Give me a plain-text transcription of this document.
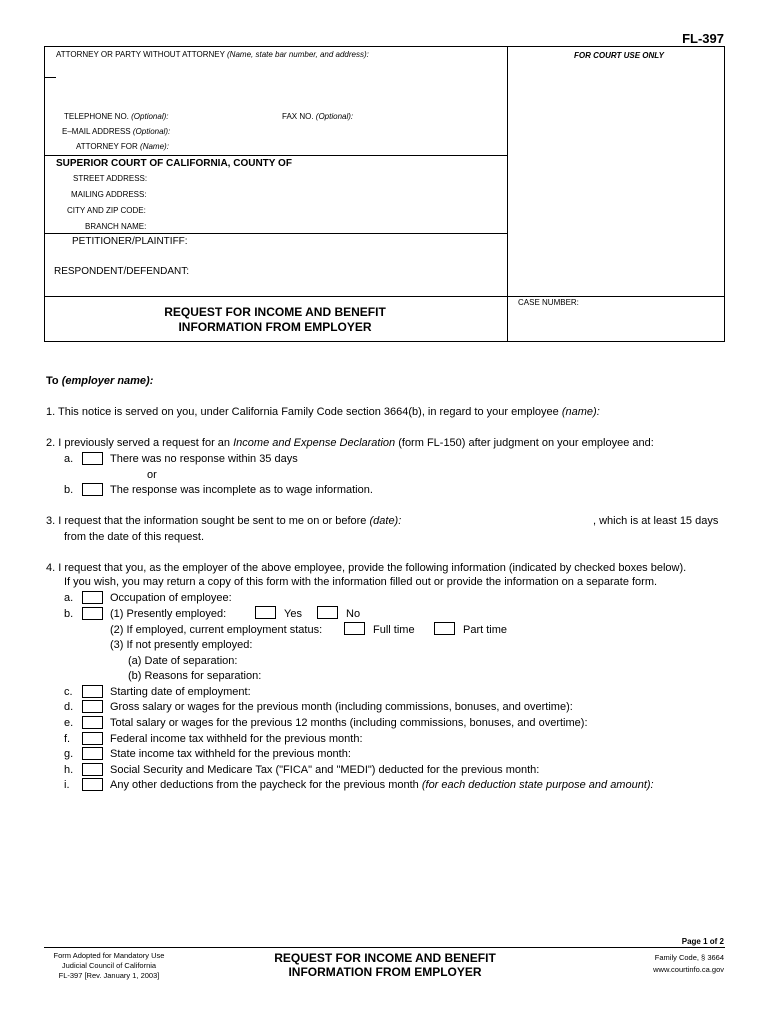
FL-397
ATTORNEY OR PARTY WITHOUT ATTORNEY (Name, state bar number, and address):	FOR COURT USE ONLY
TELEPHONE NO. (Optional):	FAX NO. (Optional):
E–MAIL ADDRESS (Optional):
ATTORNEY FOR (Name):
SUPERIOR COURT OF CALIFORNIA, COUNTY OF
STREET ADDRESS:
MAILING ADDRESS:
CITY AND ZIP CODE:
BRANCH NAME:
PETITIONER/PLAINTIFF:
RESPONDENT/DEFENDANT:
REQUEST FOR INCOME AND BENEFIT
INFORMATION FROM EMPLOYER
CASE NUMBER:
To (employer name):
1. This notice is served on you, under California Family Code section 3664(b), in regard to your employee (name):
2. I previously served a request for an Income and Expense Declaration (form FL-150) after judgment on your employee and:
a.	There was no response within 35 days
or
b.	The response was incomplete as to wage information.
3. I request that the information sought be sent to me on or before (date):	, which is at least 15 days
from the date of this request.
4. I request that you, as the employer of the above employee, provide the following information (indicated by checked boxes below).
If you wish, you may return a copy of this form with the information filled out or provide the information on a separate form.
a.	Occupation of employee:
b.	(1) Presently employed:	Yes	No
(2) If employed, current employment status:	Full time	Part time
(3) If not presently employed:
(a) Date of separation:
(b) Reasons for separation:
c.	Starting date of employment:
d.	Gross salary or wages for the previous month (including commissions, bonuses, and overtime):
e.	Total salary or wages for the previous 12 months (including commissions, bonuses, and overtime):
f.	Federal income tax withheld for the previous month:
g.	State income tax withheld for the previous month:
h.	Social Security and Medicare Tax ("FICA" and "MEDI") deducted for the previous month:
i.	Any other deductions from the paycheck for the previous month (for each deduction state purpose and amount):
Page 1 of 2
Form Adopted for Mandatory Use
Judicial Council of California
FL-397 [Rev. January 1, 2003]
REQUEST FOR INCOME AND BENEFIT
INFORMATION FROM EMPLOYER
Family Code, § 3664
www.courtinfo.ca.gov
